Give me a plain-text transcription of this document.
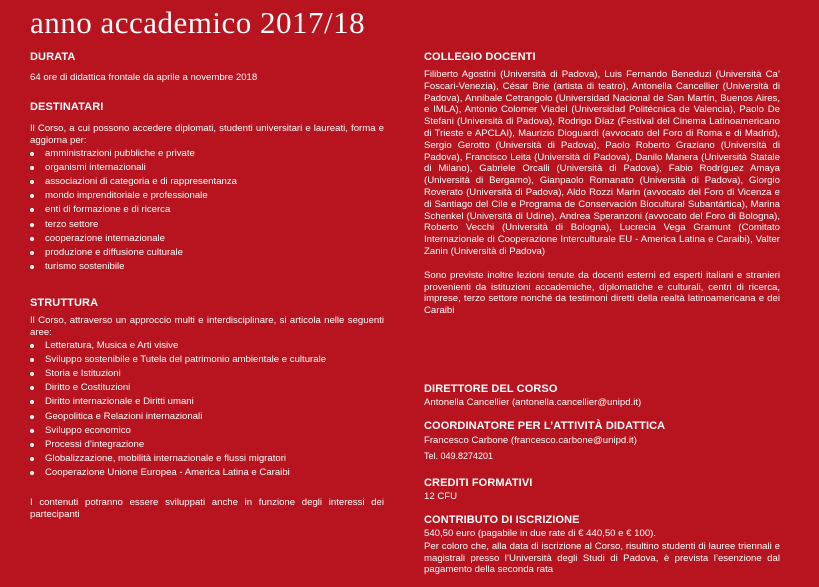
anno accademico 2017/18

DURATA

64 ore di didattica frontale da aprile a novembre 2018

DESTINATARI

Il Corso, a cui possono accedere diplomati, studenti universitari e laureati, forma e aggiorna per:

amministrazioni pubbliche e private
organismi internazionali
associazioni di categoria e di rappresentanza
mondo imprenditoriale e professionale
enti di formazione e di ricerca
terzo settore
cooperazione internazionale
produzione e diffusione culturale
turismo sostenibile

STRUTTURA

Il Corso, attraverso un approccio multi e interdisciplinare, si articola nelle seguenti aree:

Letteratura, Musica e Arti visive
Sviluppo sostenibile e Tutela del patrimonio ambientale e culturale
Storia e Istituzioni
Diritto e Costituzioni
Diritto internazionale e Diritti umani
Geopolitica e Relazioni internazionali
Sviluppo economico
Processi d’integrazione
Globalizzazione, mobilità internazionale e flussi migratori
Cooperazione Unione Europea - America Latina e Caraibi

I contenuti potranno essere sviluppati anche in funzione degli interessi dei partecipanti

COLLEGIO DOCENTI

Filiberto Agostini (Università di Padova), Luis Fernando Beneduzi (Università Ca’ Foscari-Venezia), César Brie (artista di teatro), Antonella Cancellier (Università di Padova), Annibale Cetrangolo (Universidad Nacional de San Martín, Buenos Aires, e IMLA), Antonio Colomer Viadel (Universidad Politécnica de Valencia), Paolo De Stefani (Università di Padova), Rodrigo Díaz (Festival del Cinema Latinoamericano di Trieste e APCLAI), Maurizio Dioguardi (avvocato del Foro di Roma e di Madrid), Sergio Gerotto (Università di Padova), Paolo Roberto Graziano (Università di Padova), Francisco Leita (Università di Padova), Danilo Manera (Università Statale di Milano), Gabriele Orcalli (Università di Padova), Fabio Rodríguez Amaya (Università di Bergamo), Gianpaolo Romanato (Università di Padova), Giorgio Roverato (Università di Padova), Aldo Rozzi Marin (avvocato del Foro di Vicenza e di Santiago del Cile e Programa de Conservación Biocultural Subantártica), Marina Schenkel (Università di Udine), Andrea Speranzoni (avvocato del Foro di Bologna), Roberto Vecchi (Università di Bologna), Lucrecia Vega Gramunt (Comitato Internazionale di Cooperazione Interculturale EU - America Latina e Caraibi), Valter Zanin (Università di Padova)

Sono previste inoltre lezioni tenute da docenti esterni ed esperti italiani e stranieri provenienti da istituzioni accademiche, diplomatiche e culturali, centri di ricerca, imprese, terzo settore nonché da testimoni diretti della realtà latinoamericana e dei Caraibi

DIRETTORE DEL CORSO

Antonella Cancellier (antonella.cancellier@unipd.it)

COORDINATORE PER L’ATTIVITÀ DIDATTICA

Francesco Carbone (francesco.carbone@unipd.it)

Tel. 049.8274201

CREDITI FORMATIVI

12 CFU

CONTRIBUTO DI ISCRIZIONE

540,50 euro (pagabile in due rate di € 440,50 e € 100).

Per coloro che, alla data di iscrizione al Corso, risultino studenti di lauree triennali e magistrali presso l’Università degli Studi di Padova, è prevista l’esenzione dal pagamento della seconda rata
